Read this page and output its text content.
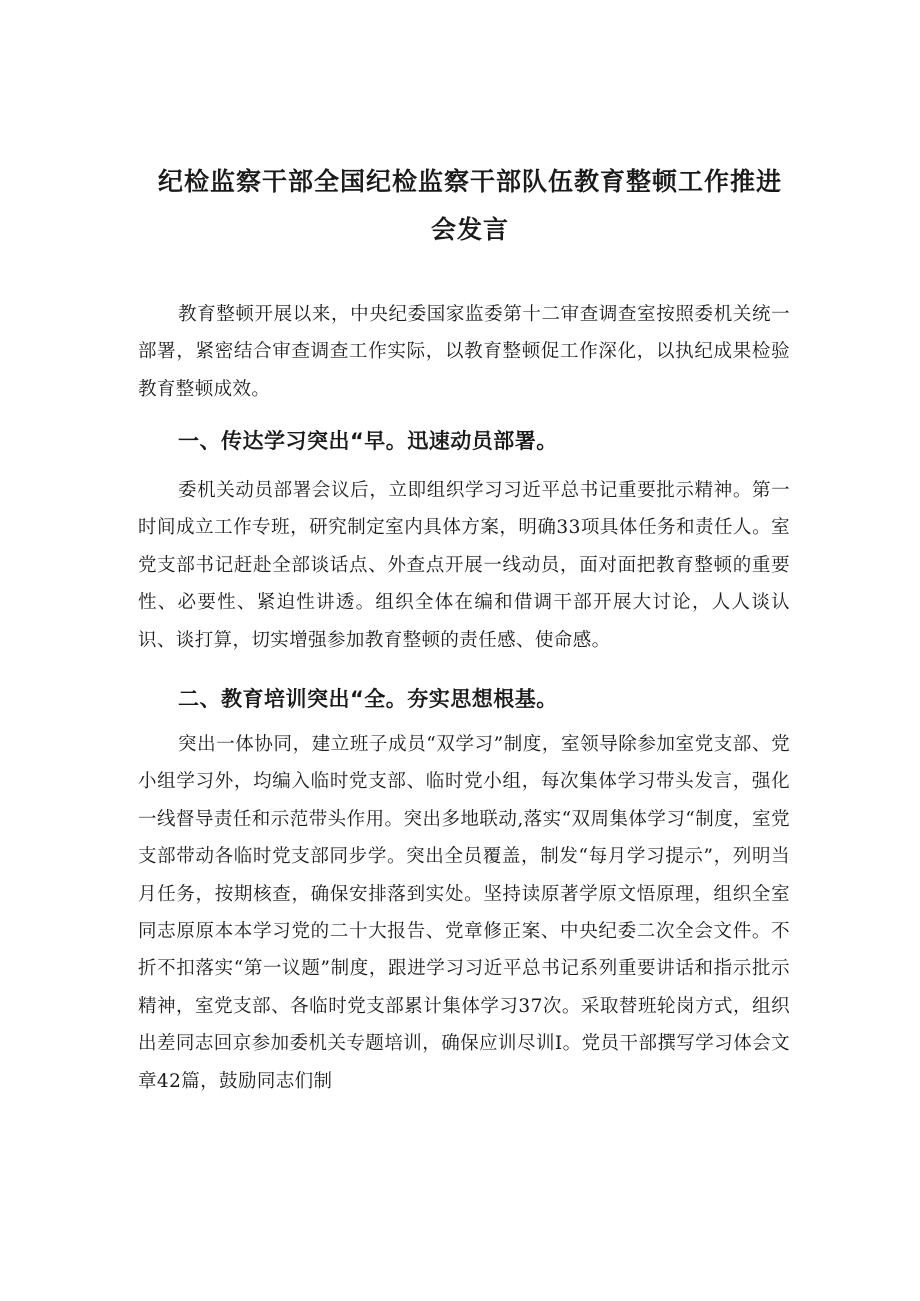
纪检监察干部全国纪检监察干部队伍教育整顿工作推进
会发言

教育整顿开展以来，中央纪委国家监委第十二审查调查室按照委机关统一部署，紧密结合审查调查工作实际，以教育整顿促工作深化，以执纪成果检验教育整顿成效。

一、传达学习突出“早。迅速动员部署。

委机关动员部署会议后，立即组织学习习近平总书记重要批示精神。第一时间成立工作专班，研究制定室内具体方案，明确33项具体任务和责任人。室党支部书记赶赴全部谈话点、外查点开展一线动员，面对面把教育整顿的重要性、必要性、紧迫性讲透。组织全体在编和借调干部开展大讨论，人人谈认识、谈打算，切实增强参加教育整顿的责任感、使命感。

二、教育培训突出“全。夯实思想根基。

突出一体协同，建立班子成员“双学习”制度，室领导除参加室党支部、党小组学习外，均编入临时党支部、临时党小组，每次集体学习带头发言，强化一线督导责任和示范带头作用。突出多地联动,落实“双周集体学习“制度，室党支部带动各临时党支部同步学。突出全员覆盖，制发“每月学习提示”，列明当月任务，按期核查，确保安排落到实处。坚持读原著学原文悟原理，组织全室同志原原本本学习党的二十大报告、党章修正案、中央纪委二次全会文件。不折不扣落实“第一议题”制度，跟进学习习近平总书记系列重要讲话和指示批示精神，室党支部、各临时党支部累计集体学习37次。采取替班轮岗方式，组织出差同志回京参加委机关专题培训，确保应训尽训I。党员干部撰写学习体会文章42篇，鼓励同志们制
